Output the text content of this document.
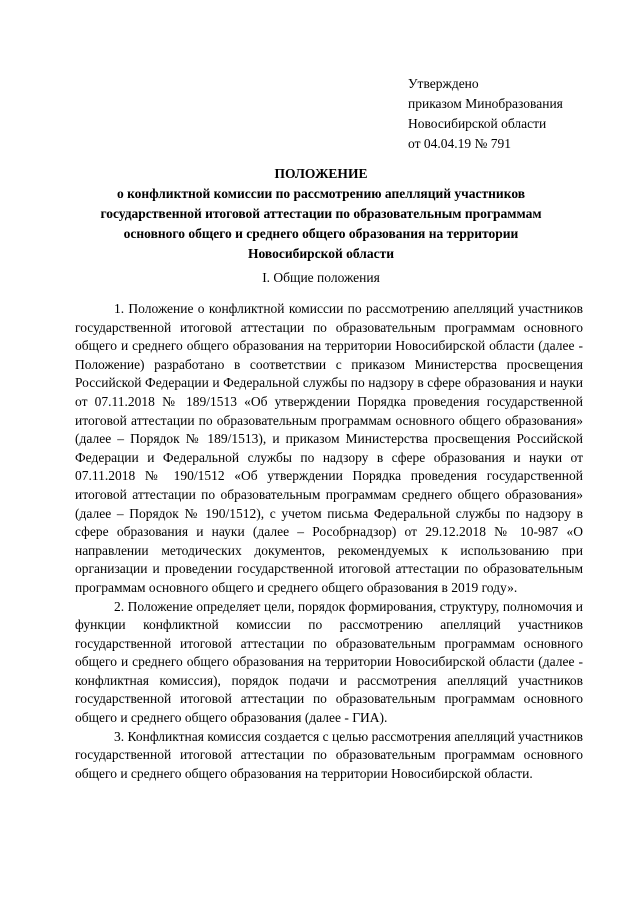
Утверждено
приказом Минобразования
Новосибирской области
от 04.04.19 № 791
ПОЛОЖЕНИЕ
о конфликтной комиссии по рассмотрению апелляций участников
государственной итоговой аттестации по образовательным программам
основного общего и среднего общего образования на территории
Новосибирской области
I. Общие положения

1. Положение о конфликтной комиссии по рассмотрению апелляций участников государственной итоговой аттестации по образовательным программам основного общего и среднего общего образования на территории Новосибирской области (далее - Положение) разработано в соответствии с приказом Министерства просвещения Российской Федерации и Федеральной службы по надзору в сфере образования и науки от 07.11.2018 № 189/1513 «Об утверждении Порядка проведения государственной итоговой аттестации по образовательным программам основного общего образования» (далее – Порядок № 189/1513), и приказом Министерства просвещения Российской Федерации и Федеральной службы по надзору в сфере образования и науки от 07.11.2018 № 190/1512 «Об утверждении Порядка проведения государственной итоговой аттестации по образовательным программам среднего общего образования» (далее – Порядок № 190/1512), с учетом письма Федеральной службы по надзору в сфере образования и науки (далее – Рособрнадзор) от 29.12.2018 № 10-987 «О направлении методических документов, рекомендуемых к использованию при организации и проведении государственной итоговой аттестации по образовательным программам основного общего и среднего общего образования в 2019 году».

2. Положение определяет цели, порядок формирования, структуру, полномочия и функции конфликтной комиссии по рассмотрению апелляций участников государственной итоговой аттестации по образовательным программам основного общего и среднего общего образования на территории Новосибирской области (далее - конфликтная комиссия), порядок подачи и рассмотрения апелляций участников государственной итоговой аттестации по образовательным программам основного общего и среднего общего образования (далее - ГИА).

3. Конфликтная комиссия создается с целью рассмотрения апелляций участников государственной итоговой аттестации по образовательным программам основного общего и среднего общего образования на территории Новосибирской области.
